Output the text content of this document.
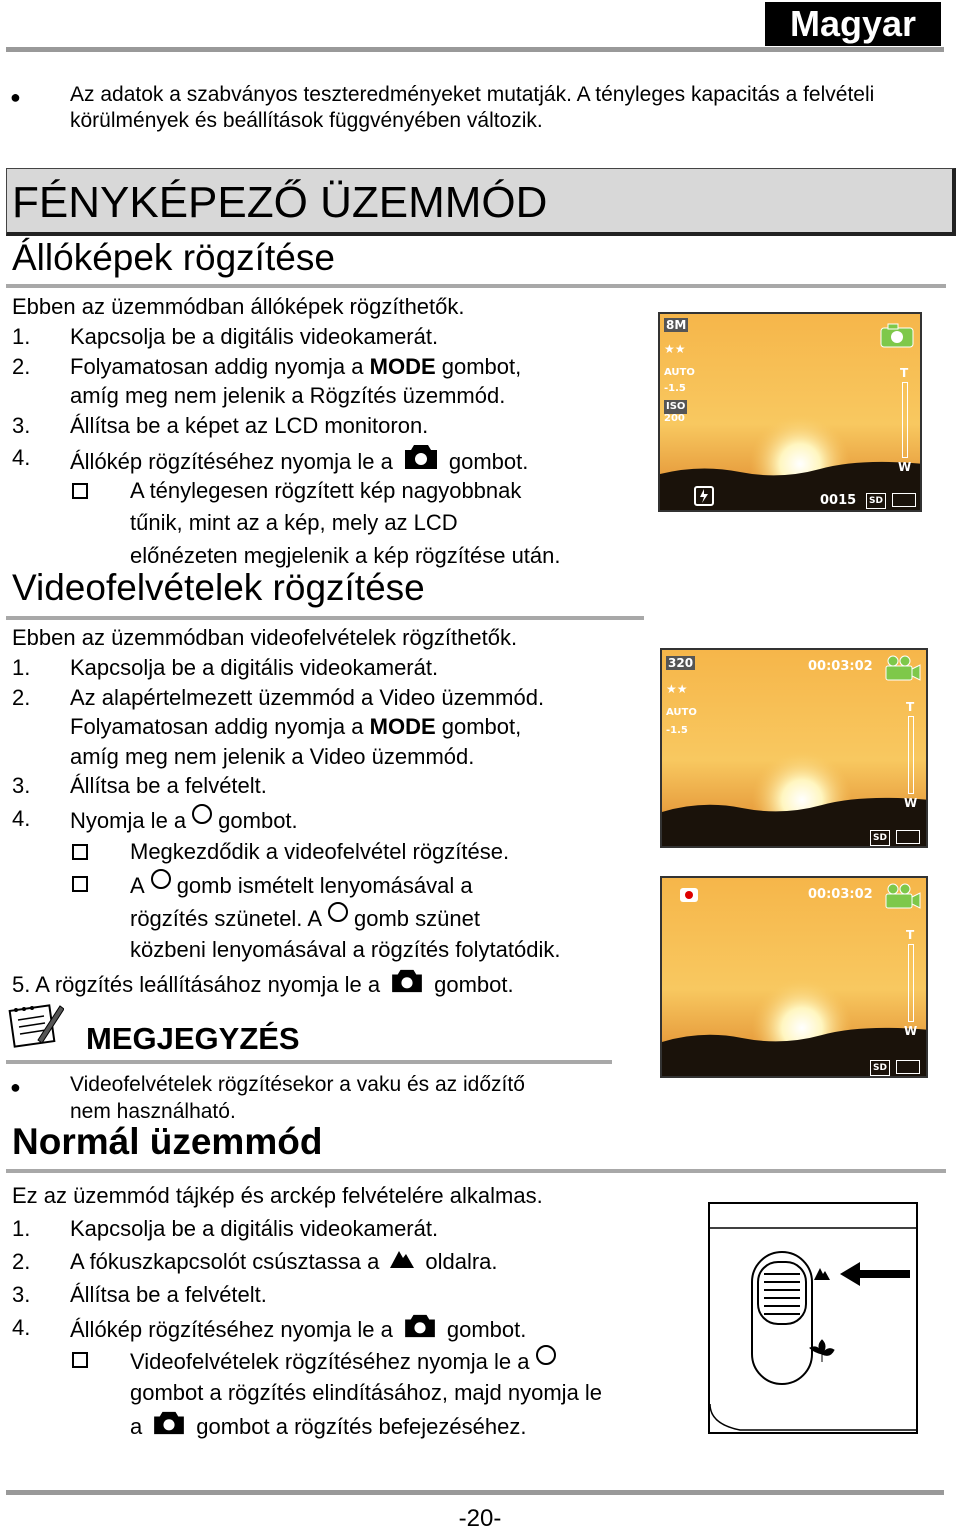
Magyar
● Az adatok a szabványos teszteredményeket mutatják. A tényleges kapacitás a felvételi
körülmények és beállítások függvényében változik.
FÉNYKÉPEZŐ ÜZEMMÓD
Állóképek rögzítése
Ebben az üzemmódban állóképek rögzíthetők.
1. Kapcsolja be a digitális videokamerát.
2. Folyamatosan addig nyomja a MODE gombot,
amíg meg nem jelenik a Rögzítés üzemmód.
3. Állítsa be a képet az LCD monitoron.
4. Állókép rögzítéséhez nyomja le a	gombot.
A ténylegesen rögzített kép nagyobbnak
tűnik, mint az a kép, mely az LCD
előnézeten megjelenik a kép rögzítése után.
Videofelvételek rögzítése
Ebben az üzemmódban videofelvételek rögzíthetők.
1. Kapcsolja be a digitális videokamerát.
2. Az alapértelmezett üzemmód a Video üzemmód.
Folyamatosan addig nyomja a MODE gombot,
amíg meg nem jelenik a Video üzemmód.
3. Állítsa be a felvételt.
4. Nyomja le a gombot.
Megkezdődik a videofelvétel rögzítése.
A gomb ismételt lenyomásával a
rögzítés szünetel. A gomb szünet
közbeni lenyomásával a rögzítés folytatódik.
5. A rögzítés leállításához nyomja le a gombot.
MEGJEGYZÉS
● Videofelvételek rögzítésekor a vaku és az időzítő
nem használható.
Normál üzemmód
Ez az üzemmód tájkép és arckép felvételére alkalmas.
1. Kapcsolja be a digitális videokamerát.
2. A fókuszkapcsolót csúsztassa a oldalra.
3. Állítsa be a felvételt.
4. Állókép rögzítéséhez nyomja le a gombot.
Videofelvételek rögzítéséhez nyomja le a
gombot a rögzítés elindításához, majd nyomja le
a gombot a rögzítés befejezéséhez.
8M
★★
AUTO
-1.5
ISO
200
T
W
0015	SD
320
★★
AUTO
-1.5
00:03:02
T
W
SD
00:03:02
T
W
SD
-20-
